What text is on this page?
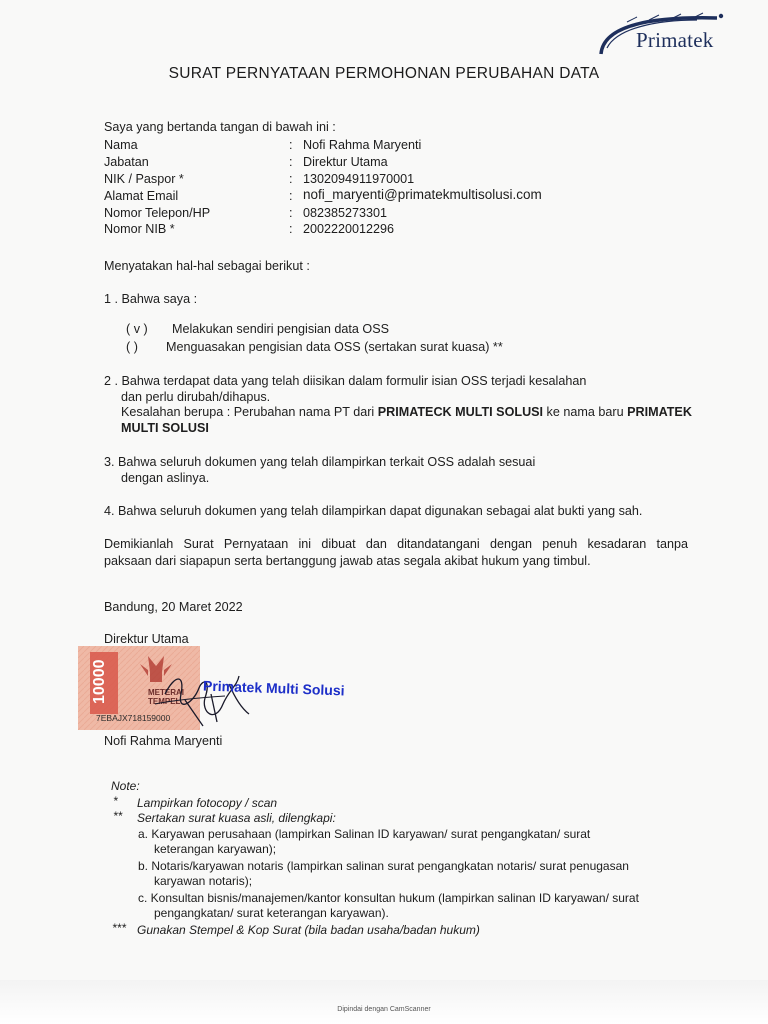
Primatek
SURAT PERNYATAAN PERMOHONAN PERUBAHAN DATA
Saya yang bertanda tangan di bawah ini :
Nama	: Nofi Rahma Maryenti
Jabatan	: Direktur Utama
NIK / Paspor *	: 1302094911970001
Alamat Email	: nofi_maryenti@primatekmultisolusi.com
Nomor Telepon/HP	: 082385273301
Nomor NIB *	: 2002220012296
Menyatakan hal-hal sebagai berikut :
1 . Bahwa saya :
( v ) Melakukan sendiri pengisian data OSS
( ) Menguasakan pengisian data OSS (sertakan surat kuasa) **
2 . Bahwa terdapat data yang telah diisikan dalam formulir isian OSS terjadi kesalahan
dan perlu dirubah/dihapus.
Kesalahan berupa : Perubahan nama PT dari PRIMATECK MULTI SOLUSI ke nama baru PRIMATEK
MULTI SOLUSI
3. Bahwa seluruh dokumen yang telah dilampirkan terkait OSS adalah sesuai
dengan aslinya.
4. Bahwa seluruh dokumen yang telah dilampirkan dapat digunakan sebagai alat bukti yang sah.
Demikianlah Surat Pernyataan ini dibuat dan ditandatangani dengan penuh kesadaran tanpa
paksaan dari siapapun serta bertanggung jawab atas segala akibat hukum yang timbul.
Bandung, 20 Maret 2022
Direktur Utama
10000	METERAI TEMPEL
7EBAJX718159000
Primatek Multi Solusi
Nofi Rahma Maryenti
Note:
* Lampirkan fotocopy / scan
** Sertakan surat kuasa asli, dilengkapi:
a. Karyawan perusahaan (lampirkan Salinan ID karyawan/ surat pengangkatan/ surat
keterangan karyawan);
b. Notaris/karyawan notaris (lampirkan salinan surat pengangkatan notaris/ surat penugasan
karyawan notaris);
c. Konsultan bisnis/manajemen/kantor konsultan hukum (lampirkan salinan ID karyawan/ surat
pengangkatan/ surat keterangan karyawan).
*** Gunakan Stempel & Kop Surat (bila badan usaha/badan hukum)
Dipindai dengan CamScanner
